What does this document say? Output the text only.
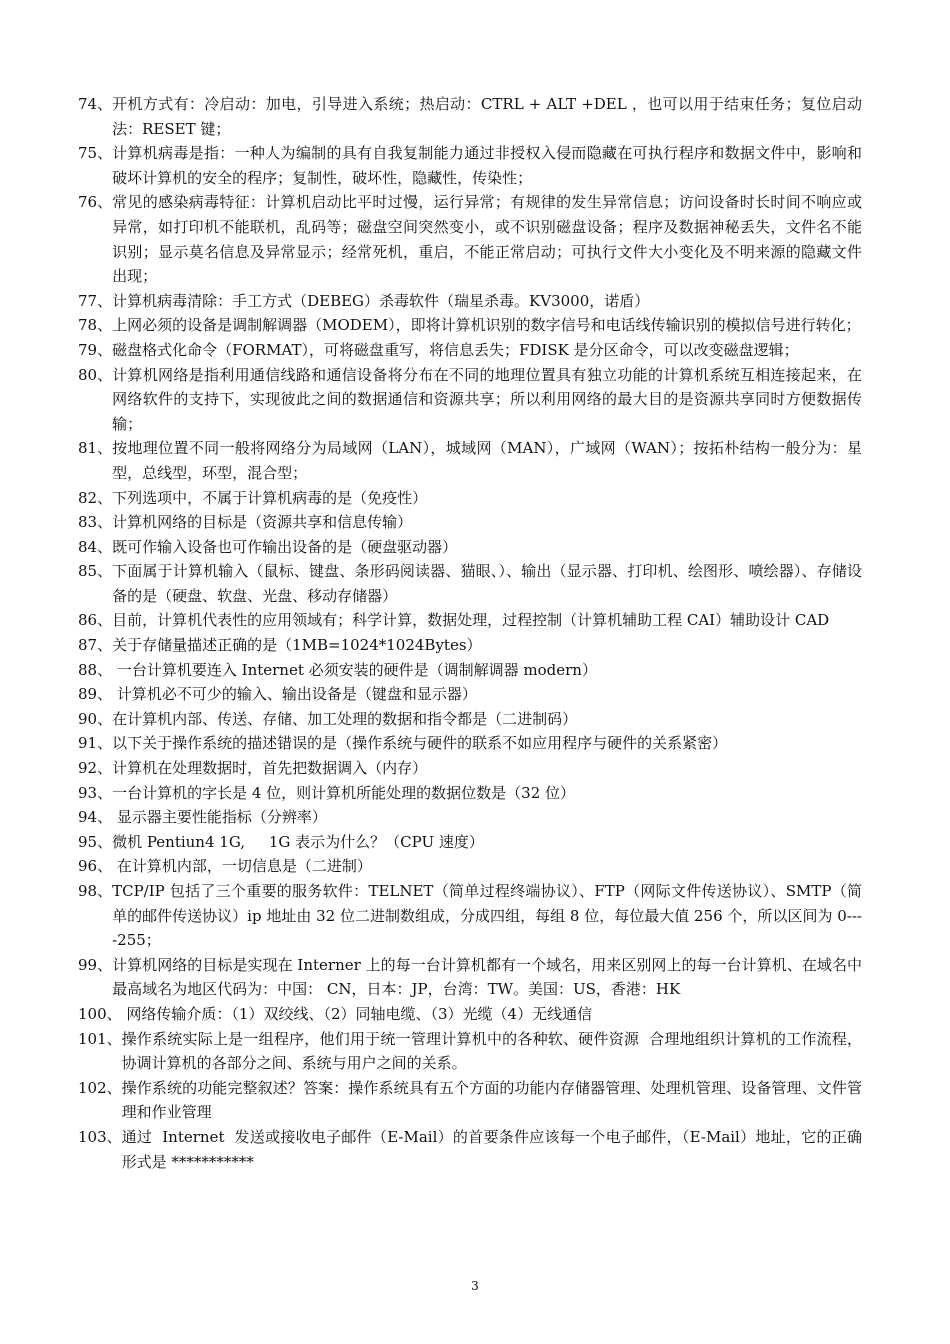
74、 开机方式有：冷启动：加电，引导进入系统；热启动：CTRL + ALT +DEL ，也可以用于结束任务；复位启动法：RESET 键；
75、 计算机病毒是指：一种人为编制的具有自我复制能力通过非授权入侵而隐藏在可执行程序和数据文件中，影响和破坏计算机的安全的程序；复制性，破坏性，隐藏性，传染性；
76、 常见的感染病毒特征：计算机启动比平时过慢，运行异常；有规律的发生异常信息；访问设备时长时间不响应或异常，如打印机不能联机，乱码等；磁盘空间突然变小，或不识别磁盘设备；程序及数据神秘丢失，文件名不能识别；显示莫名信息及异常显示；经常死机，重启，不能正常启动；可执行文件大小变化及不明来源的隐藏文件出现；
77、 计算机病毒清除：手工方式（DEBEG）杀毒软件（瑞星杀毒。KV3000，诺盾）
78、 上网必须的设备是调制解调器（MODEM），即将计算机识别的数字信号和电话线传输识别的模拟信号进行转化；
79、 磁盘格式化命令（FORMAT），可将磁盘重写，将信息丢失；FDISK 是分区命令，可以改变磁盘逻辑；
80、 计算机网络是指利用通信线路和通信设备将分布在不同的地理位置具有独立功能的计算机系统互相连接起来，在网络软件的支持下，实现彼此之间的数据通信和资源共享；所以利用网络的最大目的是资源共享同时方便数据传输；
81、 按地理位置不同一般将网络分为局域网（LAN），城域网（MAN），广域网（WAN）；按拓朴结构一般分为：星型，总线型，环型，混合型；
82、 下列选项中，不属于计算机病毒的是（免疫性）
83、 计算机网络的目标是（资源共享和信息传输）
84、 既可作输入设备也可作输出设备的是（硬盘驱动器）
85、 下面属于计算机输入（鼠标、键盘、条形码阅读器、猫眼、）、输出（显示器、打印机、绘图形、喷绘器）、存储设备的是（硬盘、软盘、光盘、移动存储器）
86、 目前，计算机代表性的应用领域有；科学计算，数据处理，过程控制（计算机辅助工程 CAI）辅助设计 CAD
87、 关于存储量描述正确的是（1MB=1024*1024Bytes）
88、 一台计算机要连入 Internet 必须安装的硬件是（调制解调器 modern）
89、 计算机必不可少的输入、输出设备是（键盘和显示器）
90、 在计算机内部、传送、存储、加工处理的数据和指令都是（二进制码）
91、 以下关于操作系统的描述错误的是（操作系统与硬件的联系不如应用程序与硬件的关系紧密）
92、 计算机在处理数据时，首先把数据调入（内存）
93、 一台计算机的字长是 4 位，则计算机所能处理的数据位数是（32 位）
94、 显示器主要性能指标（分辨率）
95、 微机 Pentiun4 1G,     1G 表示为什么？（CPU 速度）
96、 在计算机内部，一切信息是（二进制）
98、 TCP/IP 包括了三个重要的服务软件：TELNET（简单过程终端协议）、FTP（网际文件传送协议）、SMTP（简单的邮件传送协议）ip 地址由 32 位二进制数组成，分成四组，每组 8 位，每位最大值 256 个，所以区间为 0----255；
99、 计算机网络的目标是实现在 Interner 上的每一台计算机都有一个域名，用来区别网上的每一台计算机、在域名中最高域名为地区代码为：中国： CN，日本：JP，台湾：TW。美国：US，香港：HK
100、 网络传输介质：（1）双绞线、（2）同轴电缆、（3）光缆（4）无线通信
101、 操作系统实际上是一组程序，他们用于统一管理计算机中的各种软、硬件资源  合理地组织计算机的工作流程，协调计算机的各部分之间、系统与用户之间的关系。
102、 操作系统的功能完整叙述？答案：操作系统具有五个方面的功能内存储器管理、处理机管理、设备管理、文件管理和作业管理
103、 通过  Internet  发送或接收电子邮件（E-Mail）的首要条件应该每一个电子邮件，（E-Mail）地址，它的正确形式是 ***********
3
